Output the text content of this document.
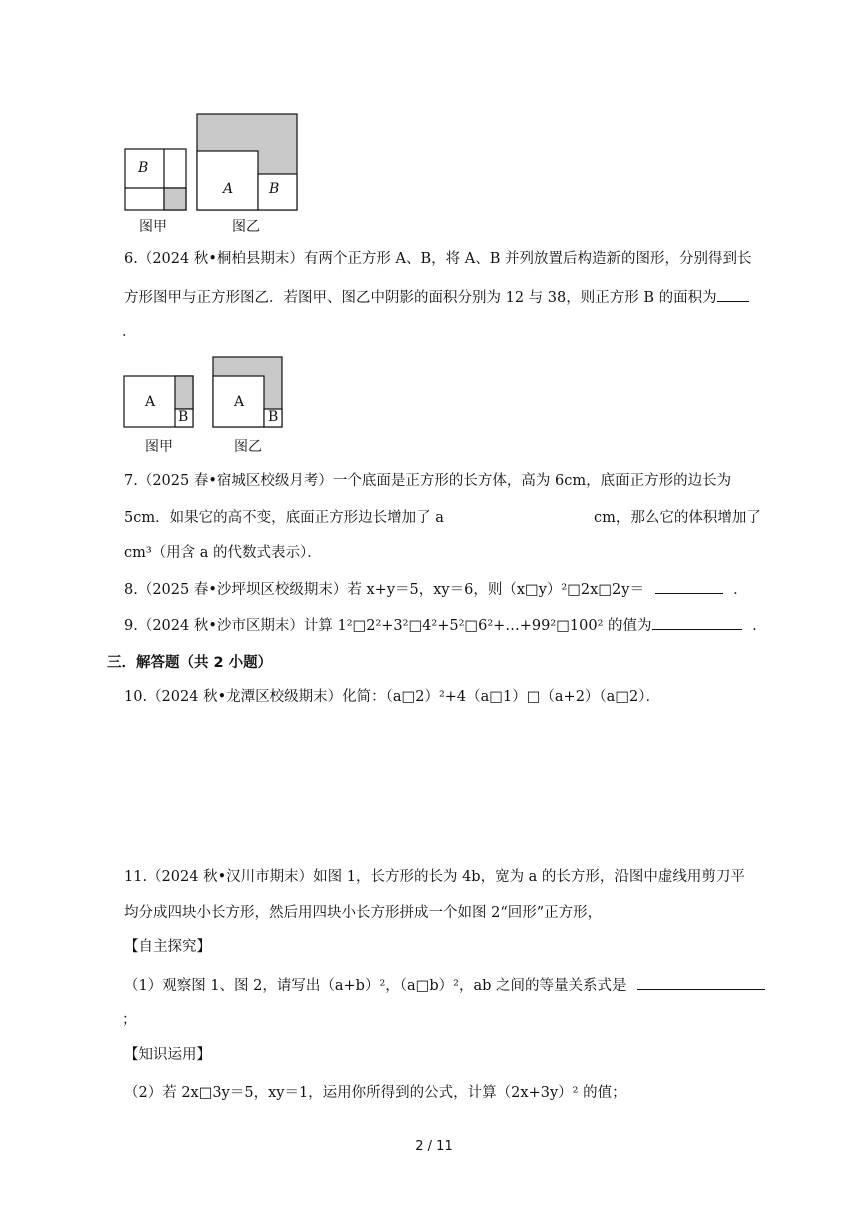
B
A	B
图甲	图乙
6.（2024 秋•桐柏县期末）有两个正方形 A、B，将 A、B 并列放置后构造新的图形，分别得到长
方形图甲与正方形图乙．若图甲、图乙中阴影的面积分别为 12 与 38，则正方形 B 的面积为
．
A
B
A
B
图甲	图乙
7.（2025 春•宿城区校级月考）一个底面是正方形的长方体，高为 6cm，底面正方形的边长为
5cm．如果它的高不变，底面正方形边长增加了 a	cm，那么它的体积增加了
cm³（用含 a 的代数式表示）．
8.（2025 春•沙坪坝区校级期末）若 x+y＝5，xy＝6，则（x□y）²□2x□2y＝	．
9.（2024 秋•沙市区期末）计算 1²□2²+3²□4²+5²□6²+…+99²□100² 的值为	．
三．解答题（共 2 小题）
10.（2024 秋•龙潭区校级期末）化简：（a□2）²+4（a□1）□（a+2）（a□2）．
11.（2024 秋•汉川市期末）如图 1，长方形的长为 4b，宽为 a 的长方形，沿图中虚线用剪刀平
均分成四块小长方形，然后用四块小长方形拼成一个如图 2“回形”正方形，
【自主探究】
（1）观察图 1、图 2，请写出（a+b）²，（a□b）²，ab 之间的等量关系式是
；
【知识运用】
（2）若 2x□3y＝5，xy＝1，运用你所得到的公式，计算（2x+3y）² 的值；
2 / 11
